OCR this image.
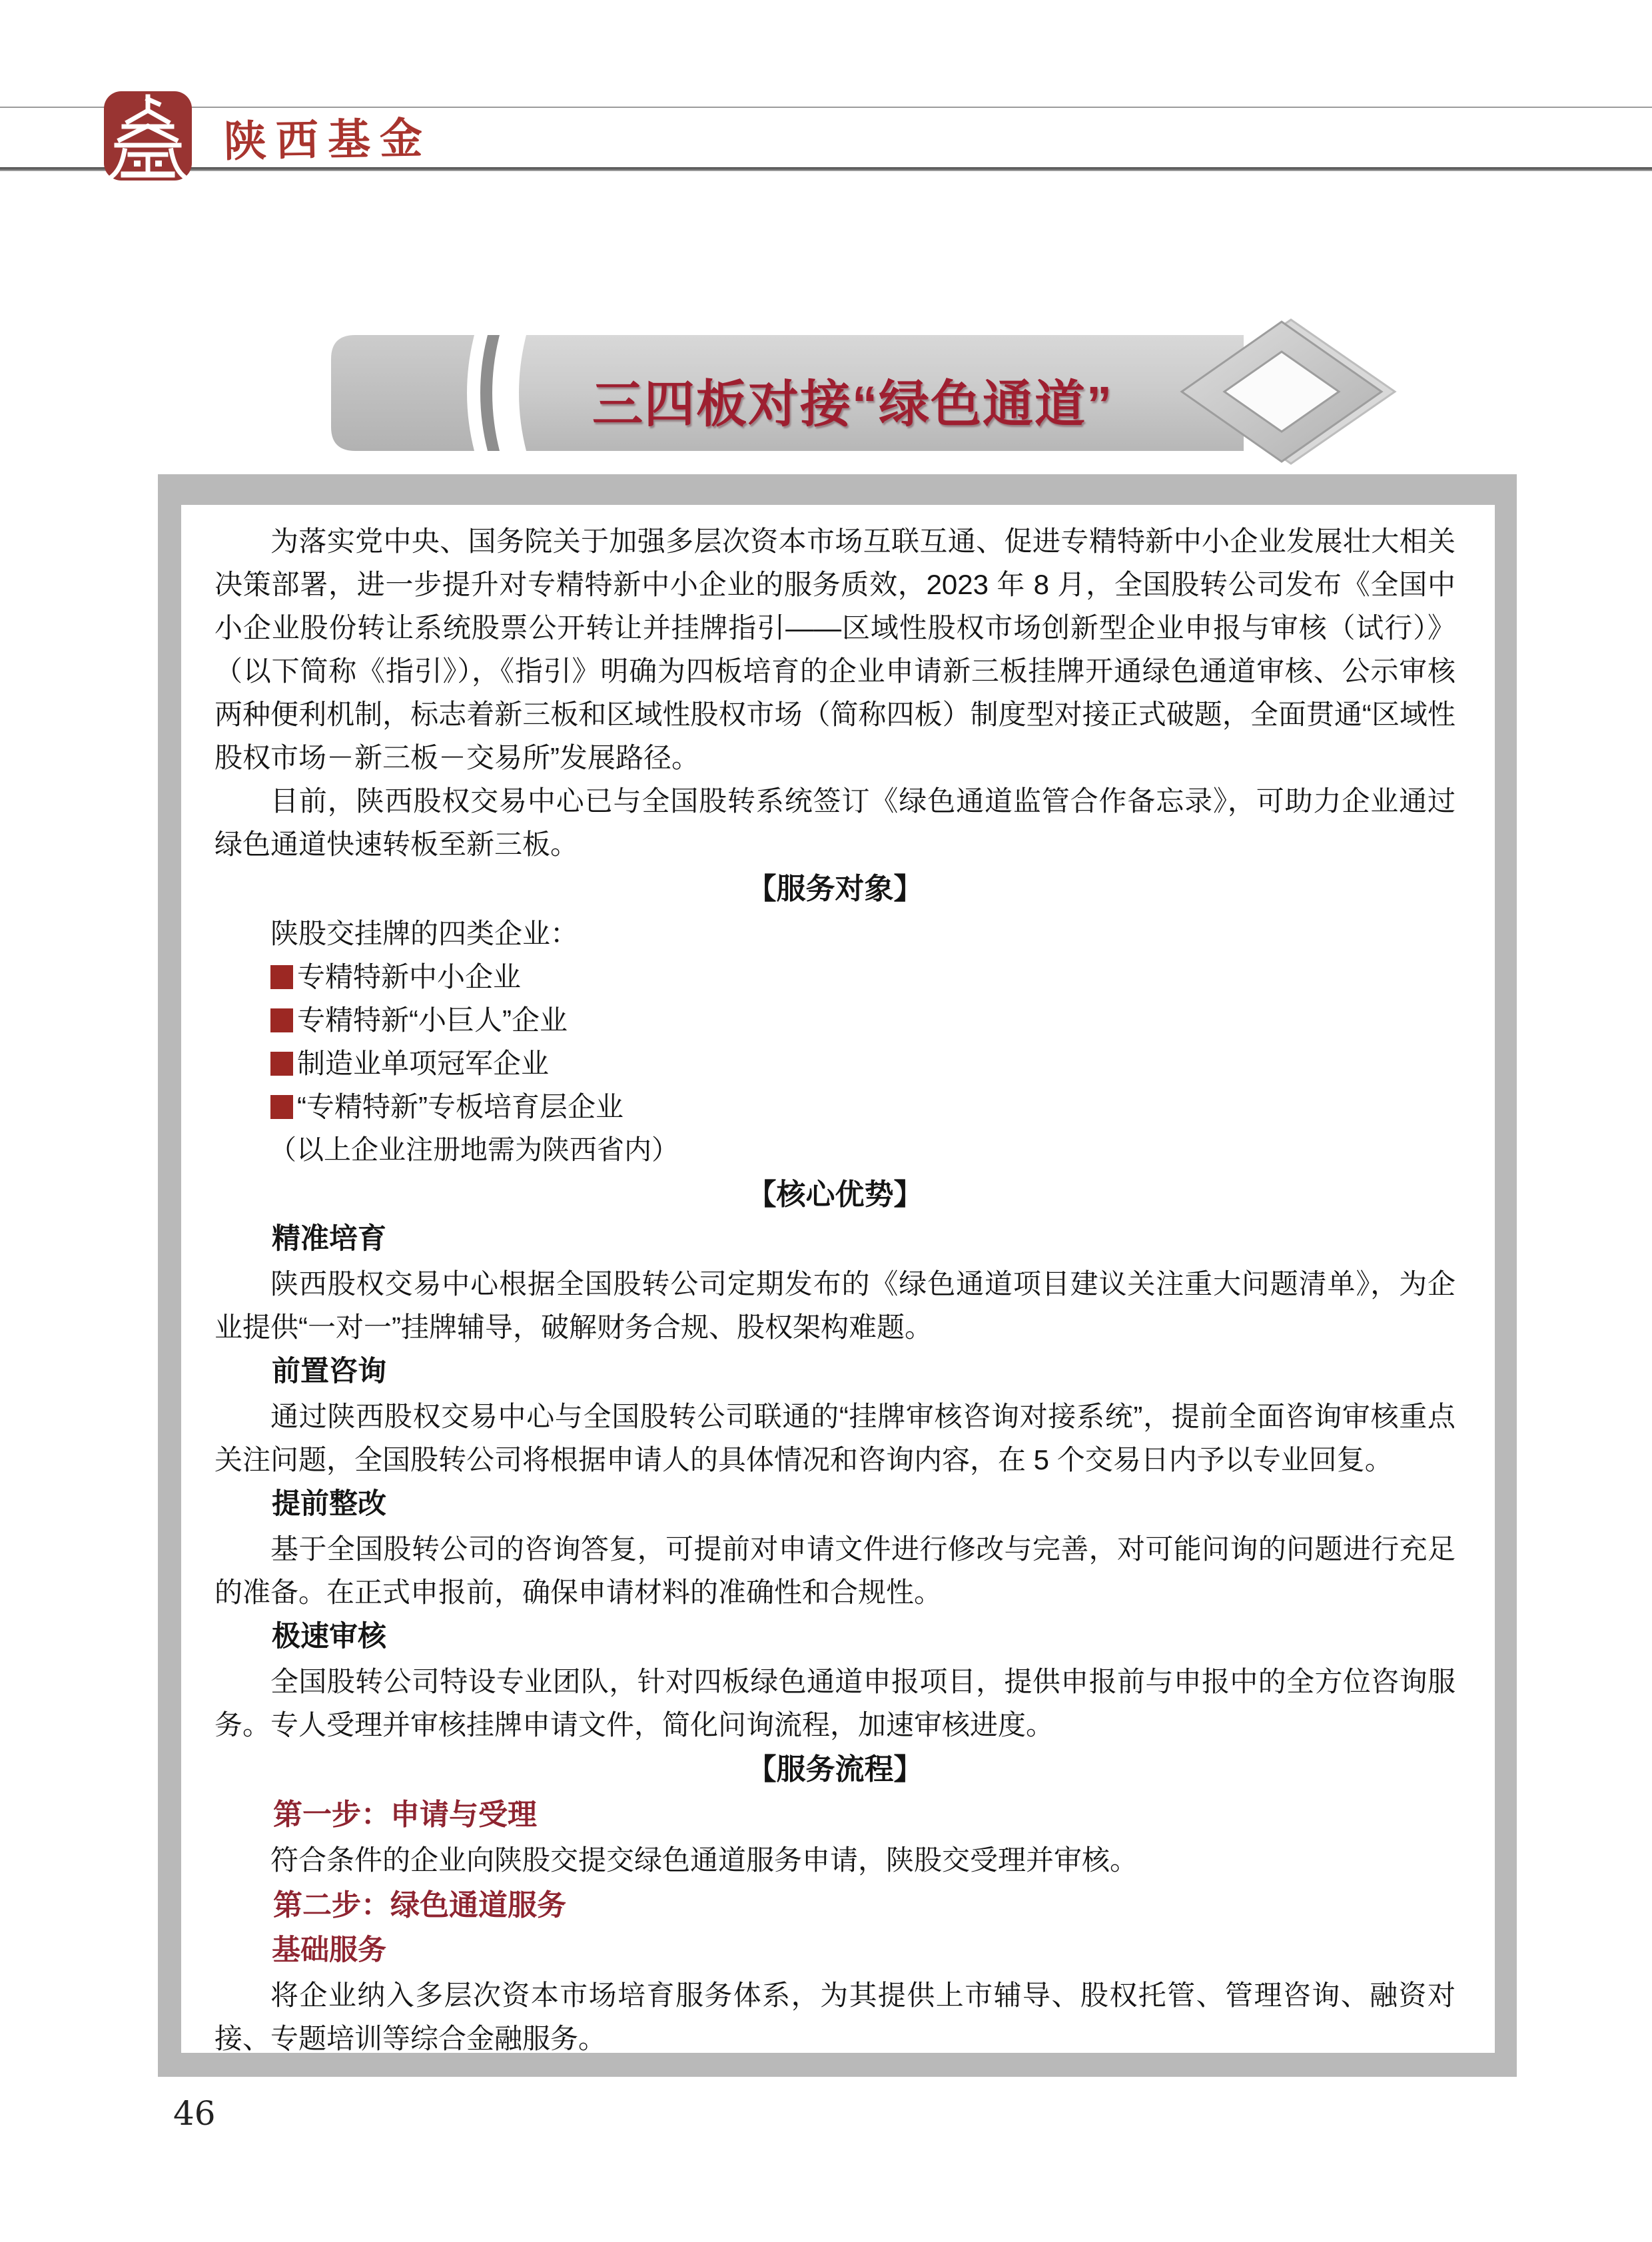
陕西基金
三四板对接“绿色通道”
为落实党中央、国务院关于加强多层次资本市场互联互通、促进专精特新中小企业发展壮大相关决策部署，进一步提升对专精特新中小企业的服务质效，2023 年 8 月，全国股转公司发布《全国中小企业股份转让系统股票公开转让并挂牌指引——区域性股权市场创新型企业申报与审核（试行）》（以下简称《指引》），《指引》明确为四板培育的企业申请新三板挂牌开通绿色通道审核、公示审核两种便利机制，标志着新三板和区域性股权市场（简称四板）制度型对接正式破题，全面贯通“区域性股权市场－新三板－交易所”发展路径。
目前，陕西股权交易中心已与全国股转系统签订《绿色通道监管合作备忘录》，可助力企业通过绿色通道快速转板至新三板。
【服务对象】
陕股交挂牌的四类企业：
专精特新中小企业
专精特新“小巨人”企业
制造业单项冠军企业
“专精特新”专板培育层企业
（以上企业注册地需为陕西省内）
【核心优势】
精准培育
陕西股权交易中心根据全国股转公司定期发布的《绿色通道项目建议关注重大问题清单》，为企业提供“一对一”挂牌辅导，破解财务合规、股权架构难题。
前置咨询
通过陕西股权交易中心与全国股转公司联通的“挂牌审核咨询对接系统”，提前全面咨询审核重点关注问题，全国股转公司将根据申请人的具体情况和咨询内容，在 5 个交易日内予以专业回复。
提前整改
基于全国股转公司的咨询答复，可提前对申请文件进行修改与完善，对可能问询的问题进行充足的准备。在正式申报前，确保申请材料的准确性和合规性。
极速审核
全国股转公司特设专业团队，针对四板绿色通道申报项目，提供申报前与申报中的全方位咨询服务。专人受理并审核挂牌申请文件，简化问询流程，加速审核进度。
【服务流程】
第一步：申请与受理
符合条件的企业向陕股交提交绿色通道服务申请，陕股交受理并审核。
第二步：绿色通道服务
基础服务
将企业纳入多层次资本市场培育服务体系，为其提供上市辅导、股权托管、管理咨询、融资对接、专题培训等综合金融服务。
46
